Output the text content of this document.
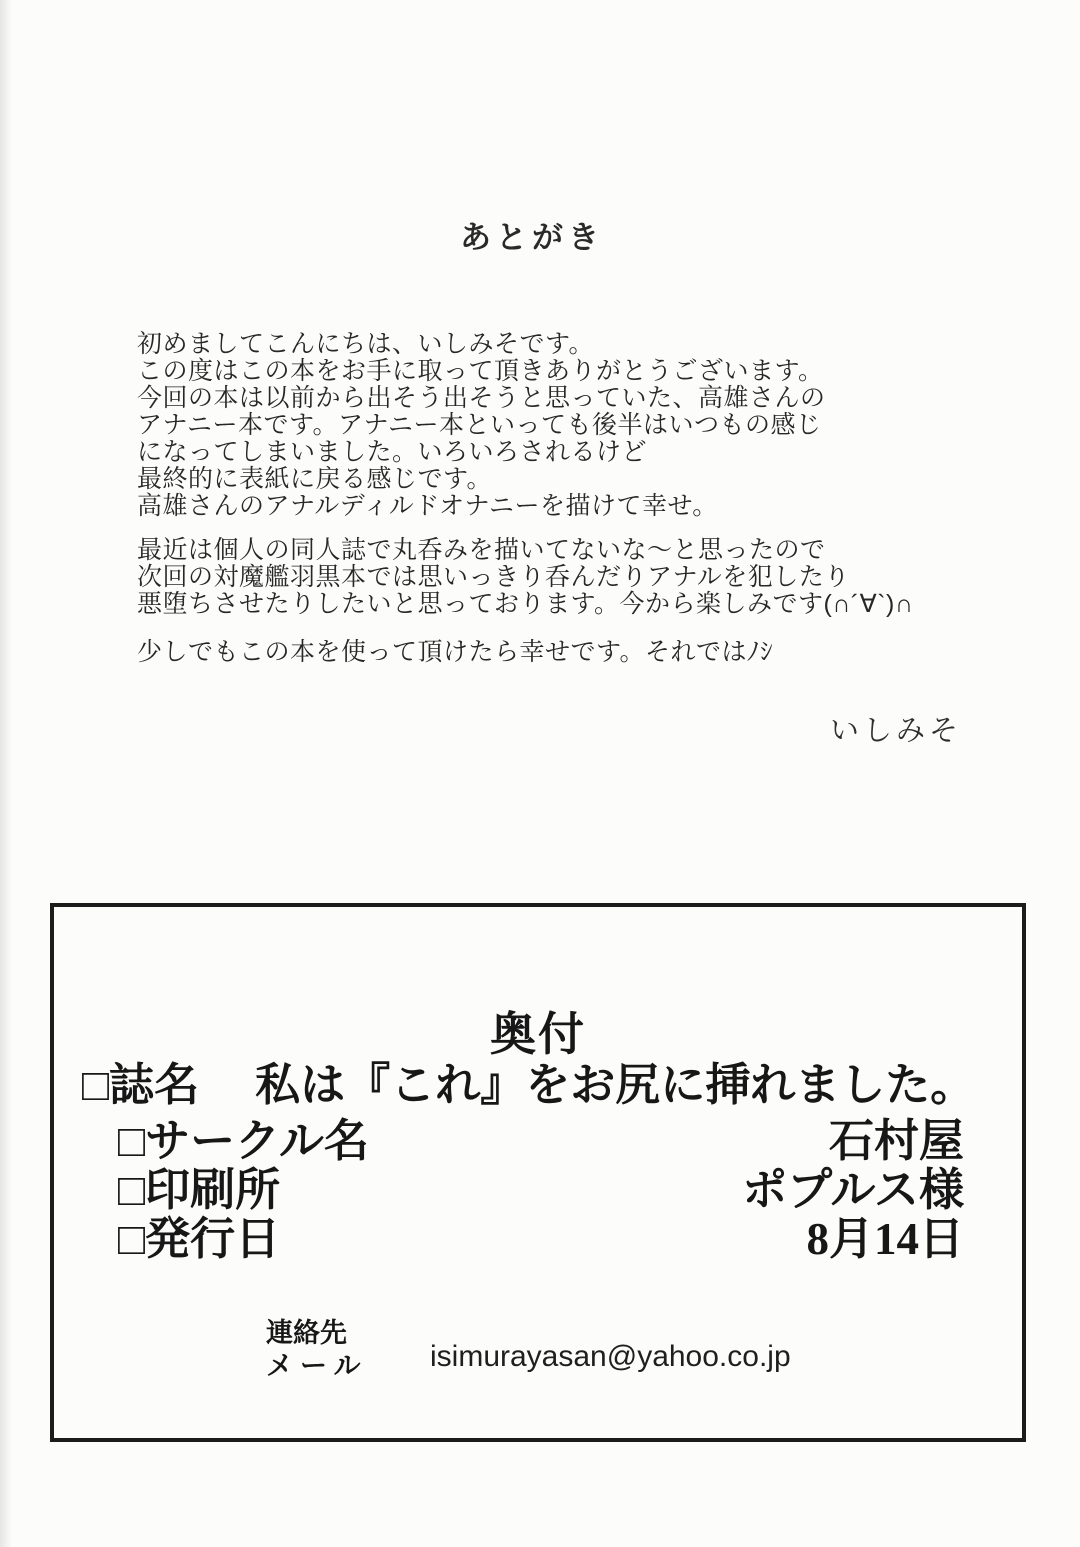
あとがき
初めましてこんにちは、いしみそです。
この度はこの本をお手に取って頂きありがとうございます。
今回の本は以前から出そう出そうと思っていた、高雄さんの
アナニー本です。アナニー本といっても後半はいつもの感じ
になってしまいました。いろいろされるけど
最終的に表紙に戻る感じです。
高雄さんのアナルディルドオナニーを描けて幸せ。
最近は個人の同人誌で丸呑みを描いてないな〜と思ったので
次回の対魔艦羽黒本では思いっきり呑んだりアナルを犯したり
悪堕ちさせたりしたいと思っております。今から楽しみです(∩´∀`)∩
少しでもこの本を使って頂けたら幸せです。それではﾉｼ
いしみそ
奥付
□誌名 私は『これ』をお尻に挿れました。
□サークル名	石村屋
□印刷所	ポプルス様
□発行日	8月14日
連絡先
メール isimurayasan@yahoo.co.jp
